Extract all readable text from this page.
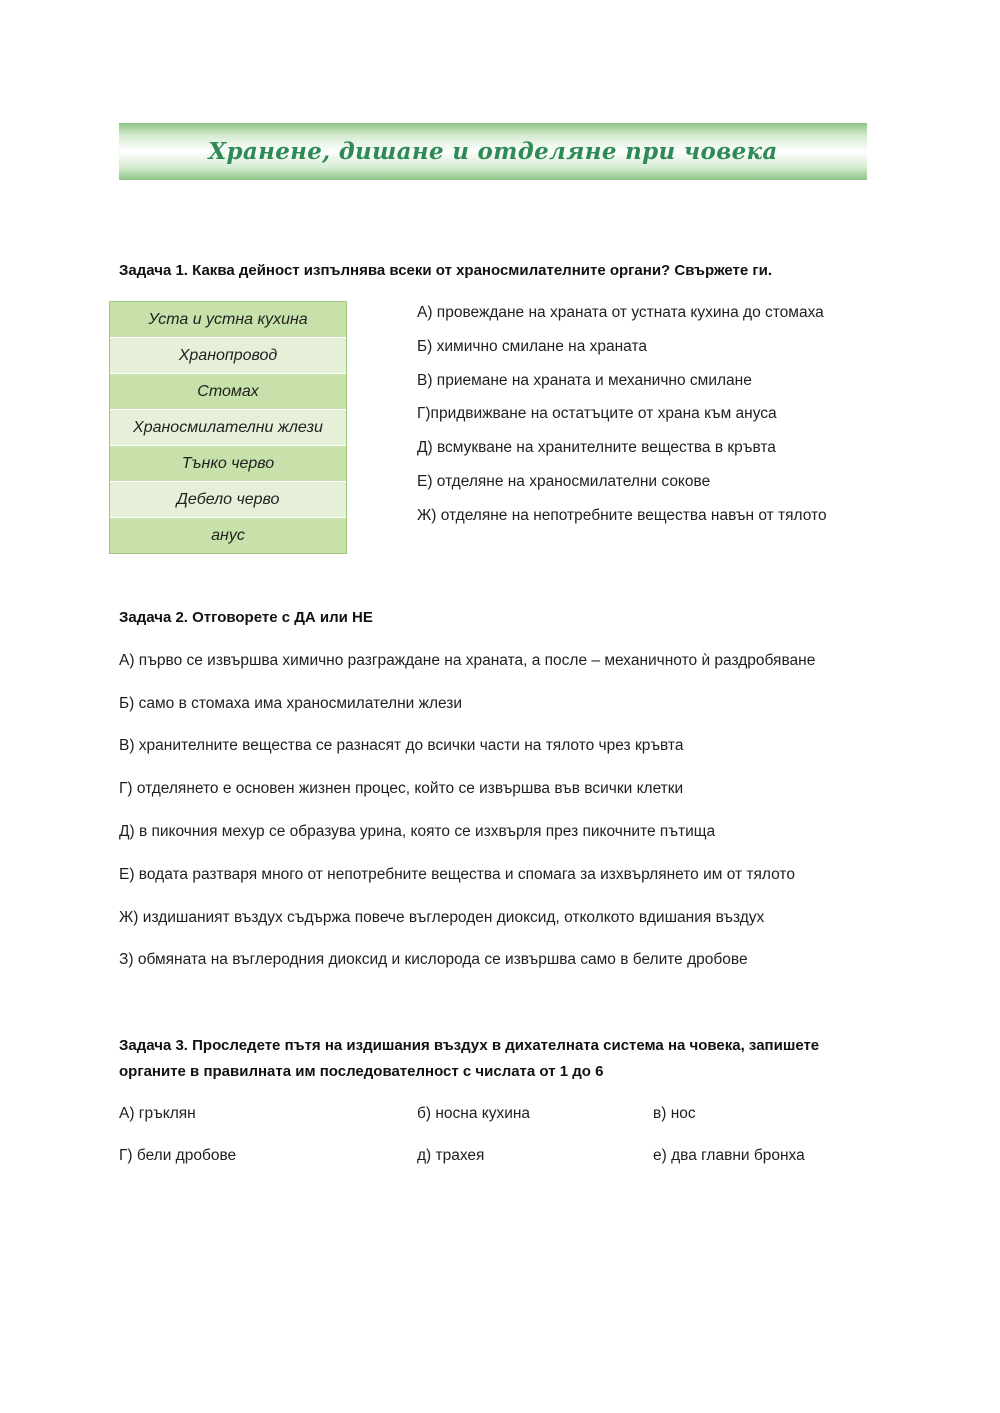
Хранене, дишане и отделяне при човека
Задача 1. Каква дейност изпълнява всеки от храносмилателните органи? Свържете ги.
Уста и устна кухина
Хранопровод
Стомах
Храносмилателни жлези
Тънко черво
Дебело черво
анус
А) провеждане на храната от устната кухина до стомаха
Б) химично смилане на храната
В) приемане на храната и механично смилане
Г)придвижване на остатъците от храна към ануса
Д) всмукване на хранителните вещества в кръвта
Е) отделяне на храносмилателни сокове
Ж) отделяне на непотребните вещества навън от тялото
Задача 2. Отговорете с ДА или НЕ
А) първо се извършва химично разграждане на храната, а после – механичното ѝ раздробяване
Б) само в стомаха има храносмилателни жлези
В) хранителните вещества се разнасят до всички части на тялото чрез кръвта
Г) отделянето е основен жизнен процес, който се извършва във всички клетки
Д) в пикочния мехур се образува урина, която се изхвърля през пикочните пътища
Е) водата разтваря много от непотребните вещества и спомага за изхвърлянето им от тялото
Ж) издишаният въздух съдържа повече въглероден диоксид, отколкото вдишания въздух
З) обмяната на въглеродния диоксид и кислорода се извършва само в белите дробове
Задача 3. Проследете пътя на издишания въздух в дихателната система на човека, запишете
органите в правилната им последователност с числата от 1 до 6
А) гръклян	б) носна кухина	в) нос
Г) бели дробове	д) трахея	е) два главни бронха
